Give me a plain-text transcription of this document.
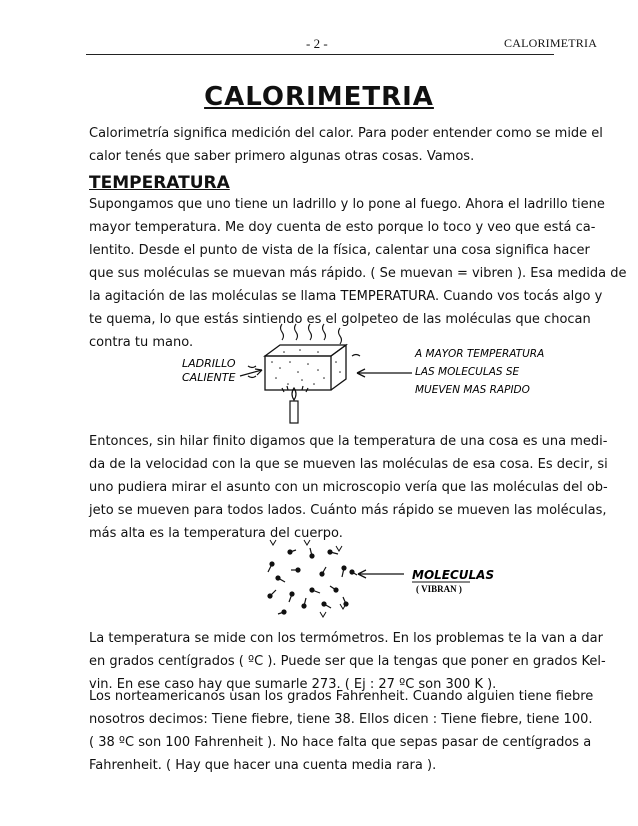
- 2 -	CALORIMETRIA
CALORIMETRIA
Calorimetría significa medición del calor. Para poder entender como se mide el
calor tenés que saber primero algunas otras cosas. Vamos.
TEMPERATURA
Supongamos que uno tiene un ladrillo y lo pone al fuego. Ahora el ladrillo tiene
mayor temperatura. Me doy cuenta de esto porque lo toco y veo que está ca-
lentito. Desde el punto de vista de la física, calentar una cosa significa hacer
que sus moléculas se muevan más rápido. ( Se muevan = vibren ). Esa medida de
la agitación de las moléculas se llama TEMPERATURA. Cuando vos tocás algo y
te quema, lo que estás sintiendo es el golpeteo de las moléculas que chocan
contra tu mano.
LADRILLO
CALIENTE
A MAYOR TEMPERATURA
LAS MOLECULAS SE
MUEVEN MAS RAPIDO
Entonces, sin hilar finito digamos que la temperatura de una cosa es una medi-
da de la velocidad con la que se mueven las moléculas de esa cosa. Es decir, si
uno pudiera mirar el asunto con un microscopio vería que las moléculas del ob-
jeto se mueven para todos lados. Cuánto más rápido se mueven las moléculas,
más alta es la temperatura del cuerpo.
MOLECULAS
( VIBRAN )
La temperatura se mide con los termómetros. En los problemas te la van a dar
en grados centígrados ( ºC ). Puede ser que la tengas que poner en grados Kel-
vin. En ese caso hay que sumarle 273. ( Ej : 27 ºC son 300 K ).
Los norteamericanos usan los grados Fahrenheit. Cuando alguien tiene fiebre
nosotros decimos: Tiene fiebre, tiene 38. Ellos dicen : Tiene fiebre, tiene 100.
( 38 ºC son 100 Fahrenheit ). No hace falta que sepas pasar de centígrados a
Fahrenheit. ( Hay que hacer una cuenta media rara ).
